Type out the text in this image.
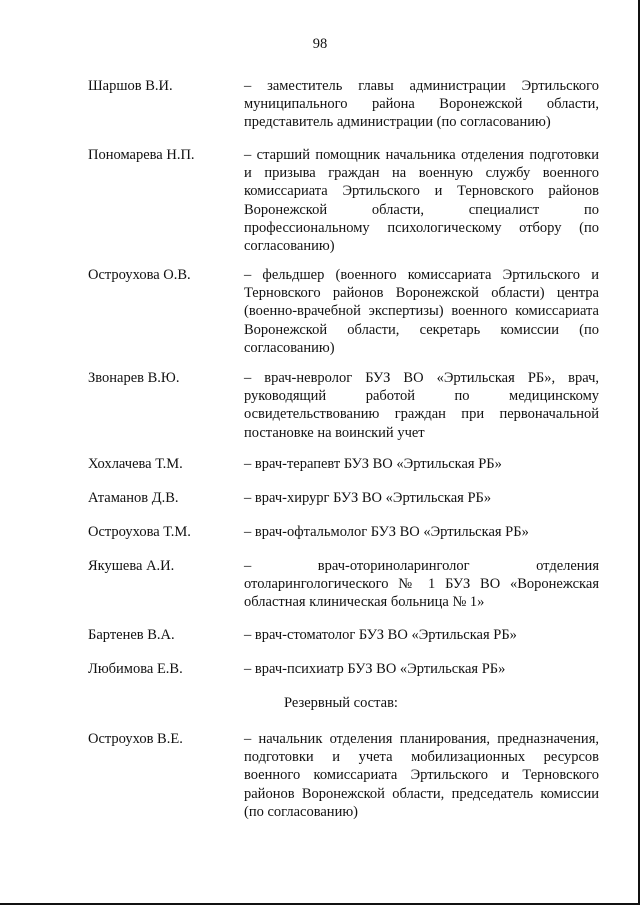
98
Шаршов В.И.	– заместитель главы администрации Эртильского муниципального района Воронежской области, представитель администрации (по согласованию)
Пономарева Н.П.	– старший помощник начальника отделения подготовки и призыва граждан на военную службу военного комиссариата Эртильского и Терновского районов Воронежской области, специалист по профессиональному психологическому отбору (по согласованию)
Остроухова О.В.	– фельдшер (военного комиссариата Эртильского и Терновского районов Воронежской области) центра (военно-врачебной экспертизы) военного комиссариата Воронежской области, секретарь комиссии (по согласованию)
Звонарев В.Ю.	– врач-невролог БУЗ ВО «Эртильская РБ», врач, руководящий работой по медицинскому освидетельствованию граждан при первоначальной постановке на воинский учет
Хохлачева Т.М.	– врач-терапевт БУЗ ВО «Эртильская РБ»
Атаманов Д.В.	– врач-хирург БУЗ ВО «Эртильская РБ»
Остроухова Т.М.	– врач-офтальмолог БУЗ ВО «Эртильская РБ»
Якушева А.И.	– врач-оториноларинголог отделения отоларингологического № 1 БУЗ ВО «Воронежская областная клиническая больница № 1»
Бартенев В.А.	– врач-стоматолог БУЗ ВО «Эртильская РБ»
Любимова Е.В.	– врач-психиатр БУЗ ВО «Эртильская РБ»
Резервный состав:
Остроухов В.Е.	– начальник отделения планирования, предназначения, подготовки и учета мобилизационных ресурсов военного комиссариата Эртильского и Терновского районов Воронежской области, председатель комиссии (по согласованию)
